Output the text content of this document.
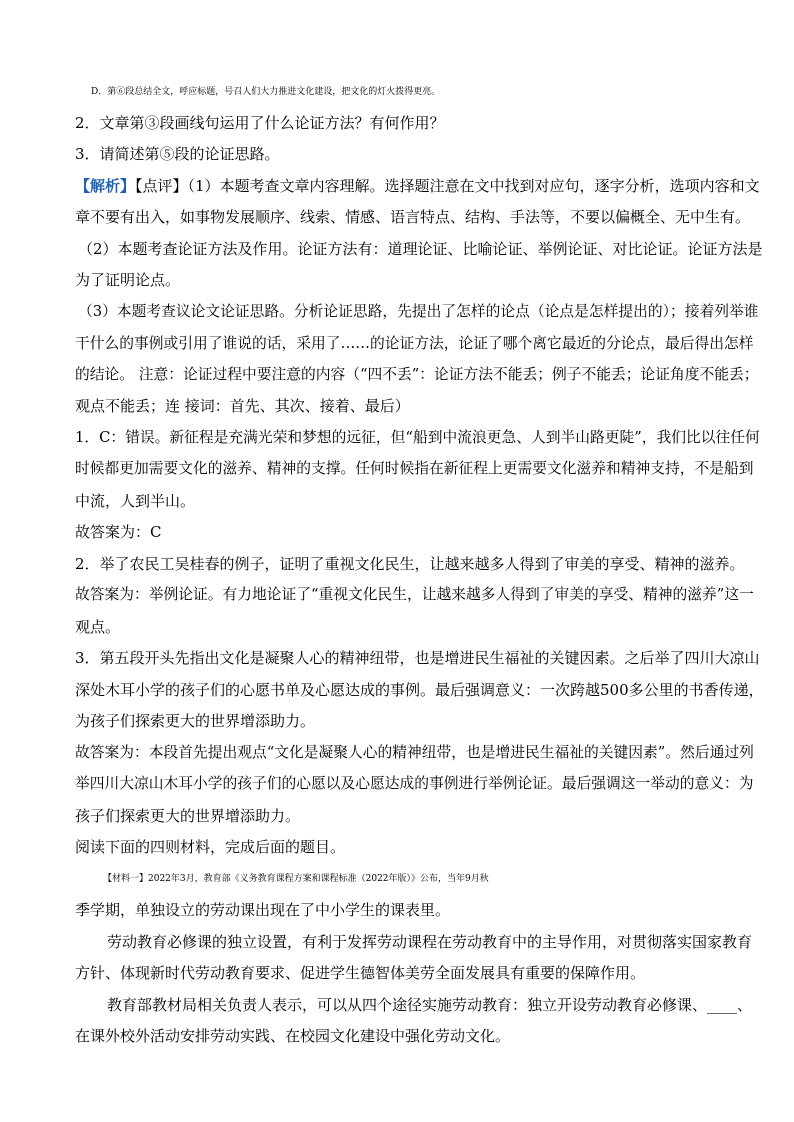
D．第⑥段总结全文，呼应标题，号召人们大力推进文化建设，把文化的灯火拨得更亮。
2．文章第③段画线句运用了什么论证方法？有何作用？
3．请简述第⑤段的论证思路。
【解析】【点评】（1）本题考查文章内容理解。选择题注意在文中找到对应句，逐字分析，选项内容和文
章不要有出入，如事物发展顺序、线索、情感、语言特点、结构、手法等，不要以偏概全、无中生有。
（2）本题考查论证方法及作用。论证方法有：道理论证、比喻论证、举例论证、对比论证。论证方法是
为了证明论点。
（3）本题考查议论文论证思路。分析论证思路，先提出了怎样的论点（论点是怎样提出的）；接着列举谁
干什么的事例或引用了谁说的话，采用了……的论证方法，论证了哪个离它最近的分论点，最后得出怎样
的结论。 注意：论证过程中要注意的内容（“四不丢”：论证方法不能丢；例子不能丢；论证角度不能丢；
观点不能丢；连 接词：首先、其次、接着、最后）
1．C：错误。新征程是充满光荣和梦想的远征，但“船到中流浪更急、人到半山路更陡”，我们比以往任何
时候都更加需要文化的滋养、精神的支撑。任何时候指在新征程上更需要文化滋养和精神支持，不是船到
中流，人到半山。
故答案为：C
2．举了农民工吴桂春的例子，证明了重视文化民生，让越来越多人得到了审美的享受、精神的滋养。
故答案为：举例论证。有力地论证了“重视文化民生，让越来越多人得到了审美的享受、精神的滋养”这一
观点。
3．第五段开头先指出文化是凝聚人心的精神纽带，也是增进民生福祉的关键因素。之后举了四川大凉山
深处木耳小学的孩子们的心愿书单及心愿达成的事例。最后强调意义：一次跨越500多公里的书香传递，
为孩子们探索更大的世界增添助力。
故答案为：本段首先提出观点“文化是凝聚人心的精神纽带，也是增进民生福祉的关键因素”。然后通过列
举四川大凉山木耳小学的孩子们的心愿以及心愿达成的事例进行举例论证。最后强调这一举动的意义：为
孩子们探索更大的世界增添助力。
阅读下面的四则材料，完成后面的题目。
【材料一】2022年3月，教育部《义务教育课程方案和课程标准（2022年版）》公布，当年9月秋
季学期，单独设立的劳动课出现在了中小学生的课表里。
劳动教育必修课的独立设置，有利于发挥劳动课程在劳动教育中的主导作用，对贯彻落实国家教育
方针、体现新时代劳动教育要求、促进学生德智体美劳全面发展具有重要的保障作用。
教育部教材局相关负责人表示，可以从四个途径实施劳动教育：独立开设劳动教育必修课、____、
在课外校外活动安排劳动实践、在校园文化建设中强化劳动文化。
